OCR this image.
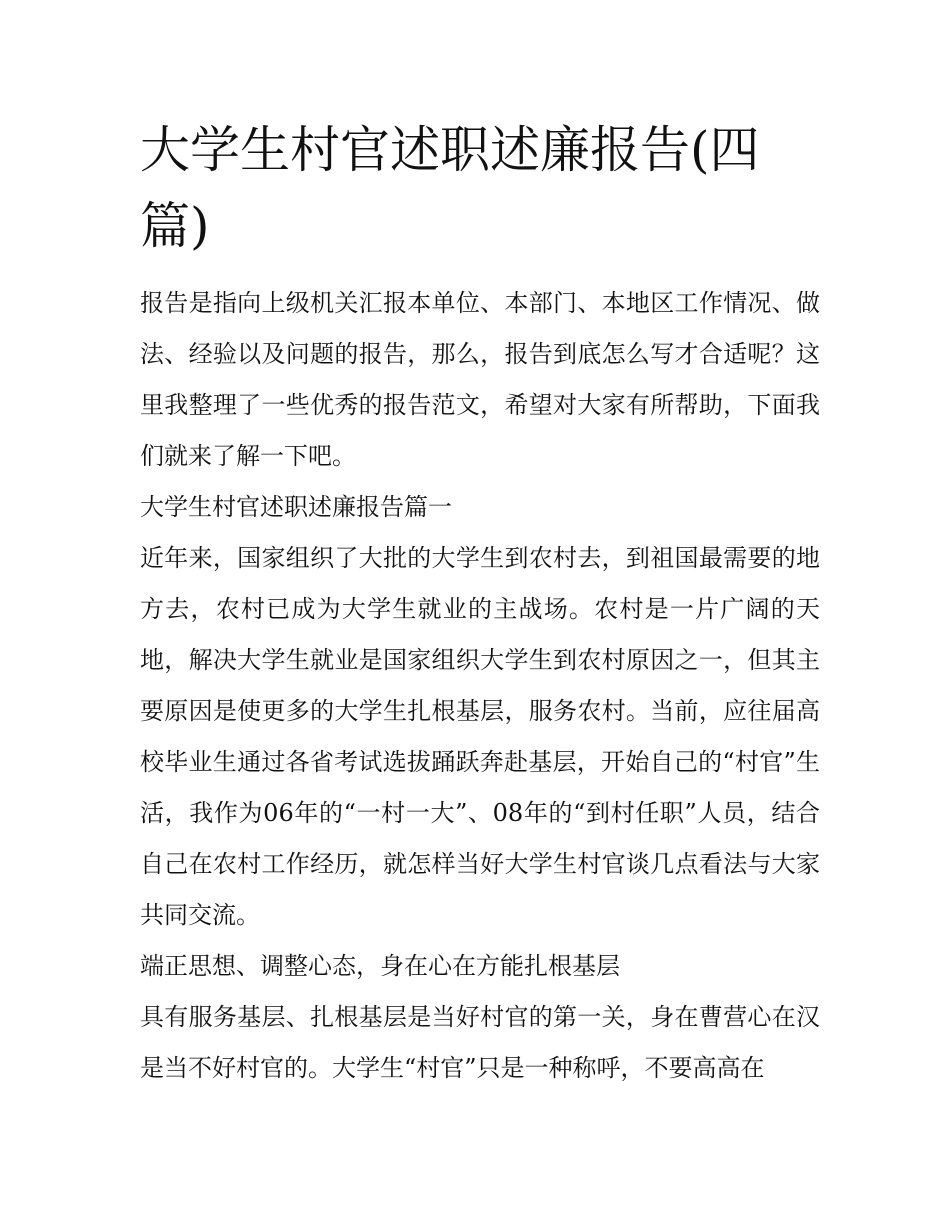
大学生村官述职述廉报告(四篇)

报告是指向上级机关汇报本单位、本部门、本地区工作情况、做法、经验以及问题的报告，那么，报告到底怎么写才合适呢？这里我整理了一些优秀的报告范文，希望对大家有所帮助，下面我们就来了解一下吧。

大学生村官述职述廉报告篇一

近年来，国家组织了大批的大学生到农村去，到祖国最需要的地方去，农村已成为大学生就业的主战场。农村是一片广阔的天地，解决大学生就业是国家组织大学生到农村原因之一，但其主要原因是使更多的大学生扎根基层，服务农村。当前，应往届高校毕业生通过各省考试选拔踊跃奔赴基层，开始自己的“村官”生活，我作为06年的“一村一大”、08年的“到村任职”人员，结合自己在农村工作经历，就怎样当好大学生村官谈几点看法与大家共同交流。

端正思想、调整心态，身在心在方能扎根基层

具有服务基层、扎根基层是当好村官的第一关，身在曹营心在汉是当不好村官的。大学生“村官”只是一种称呼，不要高高在
